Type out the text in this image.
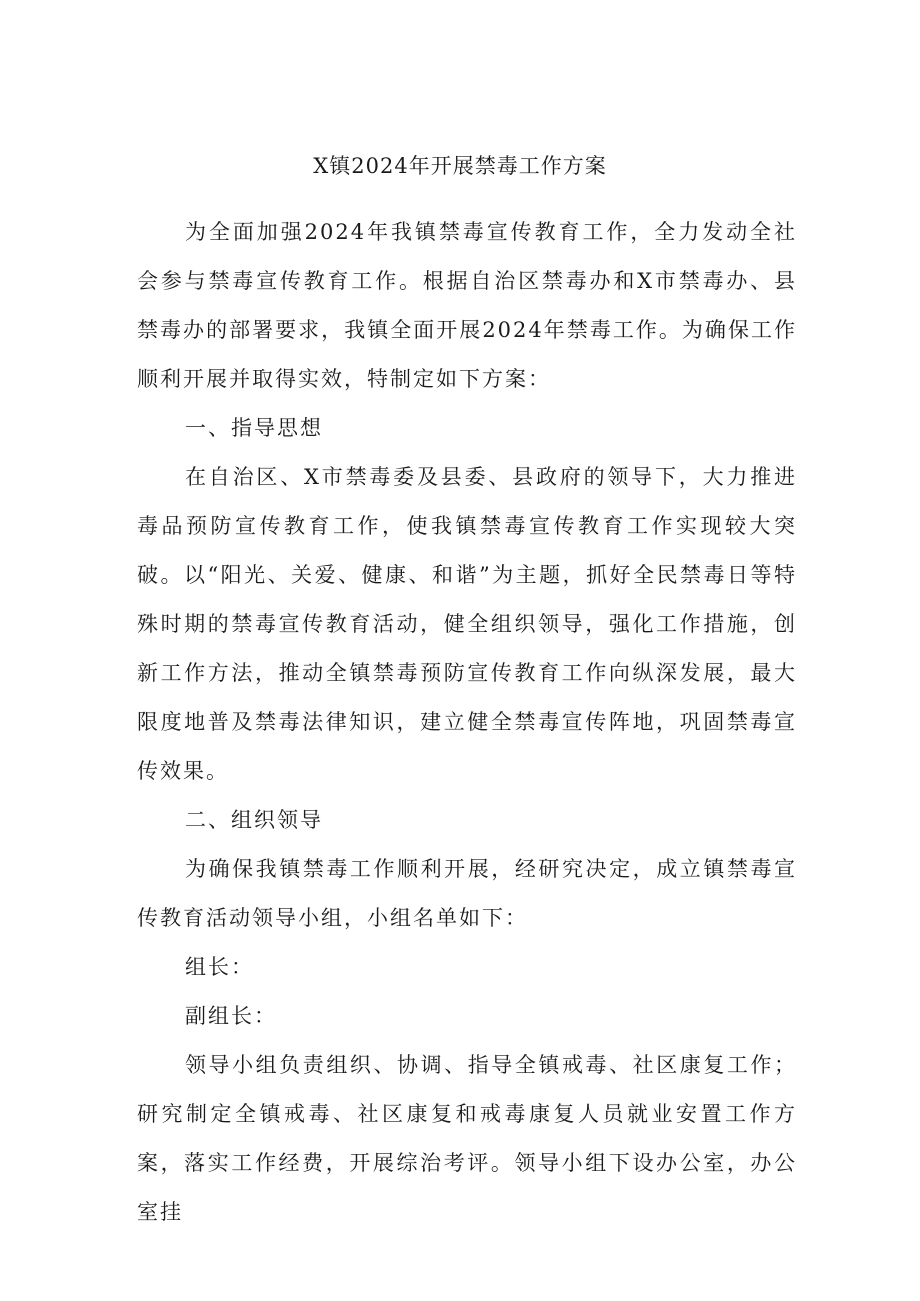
X镇2024年开展禁毒工作方案

为全面加强2024年我镇禁毒宣传教育工作，全力发动全社会参与禁毒宣传教育工作。根据自治区禁毒办和X市禁毒办、县禁毒办的部署要求，我镇全面开展2024年禁毒工作。为确保工作顺利开展并取得实效，特制定如下方案：

一、指导思想

在自治区、X市禁毒委及县委、县政府的领导下，大力推进毒品预防宣传教育工作，使我镇禁毒宣传教育工作实现较大突破。以“阳光、关爱、健康、和谐”为主题，抓好全民禁毒日等特殊时期的禁毒宣传教育活动，健全组织领导，强化工作措施，创新工作方法，推动全镇禁毒预防宣传教育工作向纵深发展，最大限度地普及禁毒法律知识，建立健全禁毒宣传阵地，巩固禁毒宣传效果。

二、组织领导

为确保我镇禁毒工作顺利开展，经研究决定，成立镇禁毒宣传教育活动领导小组，小组名单如下：

组长：

副组长：

领导小组负责组织、协调、指导全镇戒毒、社区康复工作；研究制定全镇戒毒、社区康复和戒毒康复人员就业安置工作方案，落实工作经费，开展综治考评。领导小组下设办公室，办公室挂
